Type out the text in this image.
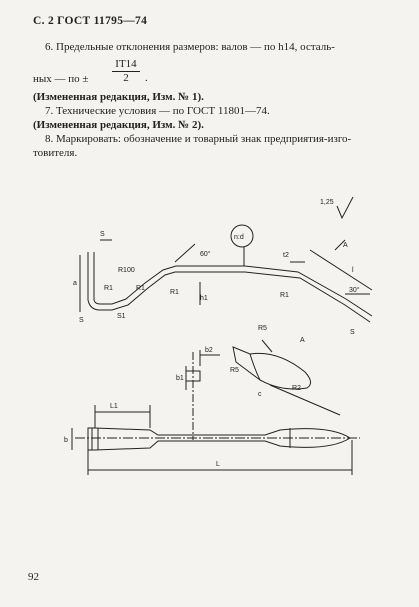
С. 2 ГОСТ 11795—74
6. Предельные отклонения размеров: валов — по h14, осталь-
ных — по ± $\frac{IT14}{2}$ .
(Измененная редакция, Изм. № 1).
7. Технические условия — по ГОСТ 11801—74.
(Измененная редакция, Изм. № 2).
8. Маркировать: обозначение и товарный знак предприятия-изго-
товителя.
1,25
S
a
R100
60°
n:d
t2
A
R1	R1
R1	R1
h1
l
30°
S
S
S1
R5
A
R5
R2
c
b2
b1
L1
b
L
92
